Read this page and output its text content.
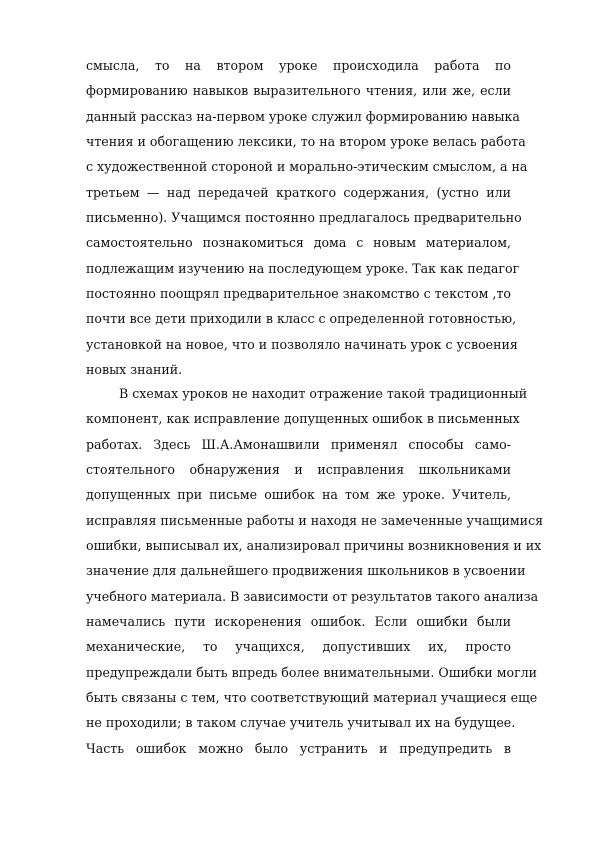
смысла, то на втором уроке происходила работа по
формированию навыков выразительного чтения, или же, если
данный рассказ на-первом уроке служил формированию навыка
чтения и обогащению лексики, то на втором уроке велась работа
с художественной стороной и морально-этическим смыслом, а на
третьем — над передачей краткого содержания, (устно или
письменно). Учащимся постоянно предлагалось предварительно
самостоятельно познакомиться дома с новым материалом,
подлежащим изучению на последующем уроке. Так как педагог
постоянно поощрял предварительное знакомство с текстом ,то
почти все дети приходили в класс с определенной готовностью,
установкой на новое, что и позволяло начинать урок с усвоения
новых знаний.
В схемах уроков не находит отражение такой традиционный
компонент, как исправление допущенных ошибок в письменных
работах. Здесь Ш.А.Амонашвили применял способы само-
стоятельного обнаружения и исправления школьниками
допущенных при письме ошибок на том же уроке. Учитель,
исправляя письменные работы и находя не замеченные учащимися
ошибки, выписывал их, анализировал причины возникновения и их
значение для дальнейшего продвижения школьников в усвоении
учебного материала. В зависимости от результатов такого анализа
намечались пути искоренения ошибок. Если ошибки были
механические, то учащихся, допустивших их, просто
предупреждали быть впредь более внимательными. Ошибки могли
быть связаны с тем, что соответствующий материал учащиеся еще
не проходили; в таком случае учитель учитывал их на будущее.
Часть ошибок можно было устранить и предупредить в
